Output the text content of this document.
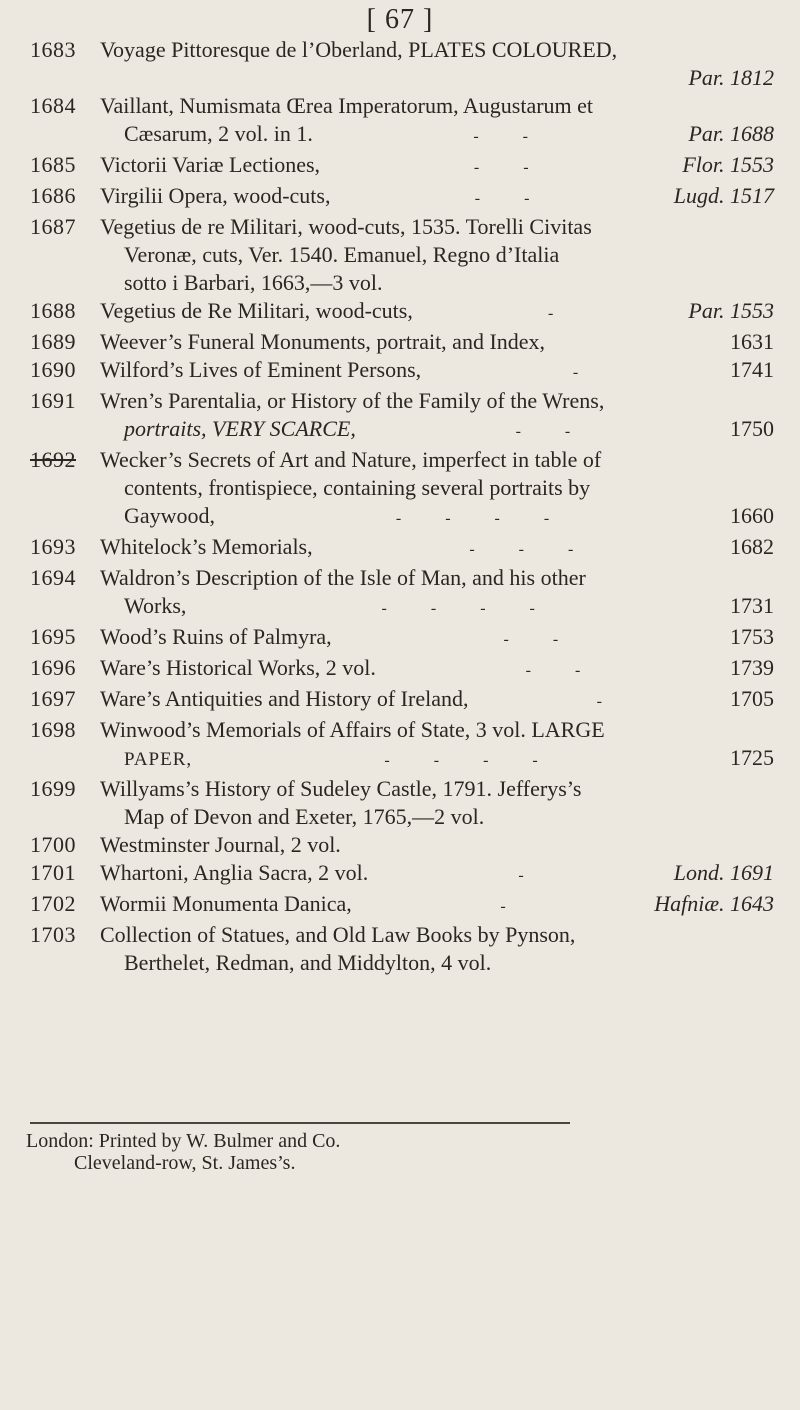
[ 67 ]
1683	Voyage Pittoresque de l’Oberland, PLATES COLOURED,
Par. 1812
1684	Vaillant, Numismata Œrea Imperatorum, Augustarum et
Cæsarum, 2 vol. in 1.	-	-	Par. 1688
1685	Victorii Variæ Lectiones,	-	-	Flor. 1553
1686	Virgilii Opera, wood-cuts,	-	-	Lugd. 1517
1687	Vegetius de re Militari, wood-cuts, 1535. Torelli Civitas
Veronæ, cuts, Ver. 1540. Emanuel, Regno d’Italia
sotto i Barbari, 1663,—3 vol.
1688	Vegetius de Re Militari, wood-cuts,	-	Par. 1553
1689	Weever’s Funeral Monuments, portrait, and Index,	1631
1690	Wilford’s Lives of Eminent Persons,	-	1741
1691	Wren’s Parentalia, or History of the Family of the Wrens,
portraits, VERY SCARCE,	-	-	1750
1692	Wecker’s Secrets of Art and Nature, imperfect in table of
contents, frontispiece, containing several portraits by
Gaywood,	-	-	-	-	1660
1693	Whitelock’s Memorials,	-	-	-	1682
1694	Waldron’s Description of the Isle of Man, and his other
Works,	-	-	-	-	1731
1695	Wood’s Ruins of Palmyra,	-	-	1753
1696	Ware’s Historical Works, 2 vol.	-	-	1739
1697	Ware’s Antiquities and History of Ireland,	-	1705
1698	Winwood’s Memorials of Affairs of State, 3 vol. LARGE
PAPER,	-	-	-	-	1725
1699	Willyams’s History of Sudeley Castle, 1791. Jefferys’s
Map of Devon and Exeter, 1765,—2 vol.
1700	Westminster Journal, 2 vol.
1701	Whartoni, Anglia Sacra, 2 vol.	-	Lond. 1691
1702	Wormii Monumenta Danica,	-	Hafniæ. 1643
1703	Collection of Statues, and Old Law Books by Pynson,
Berthelet, Redman, and Middylton, 4 vol.
London: Printed by W. Bulmer and Co.
Cleveland-row, St. James’s.
